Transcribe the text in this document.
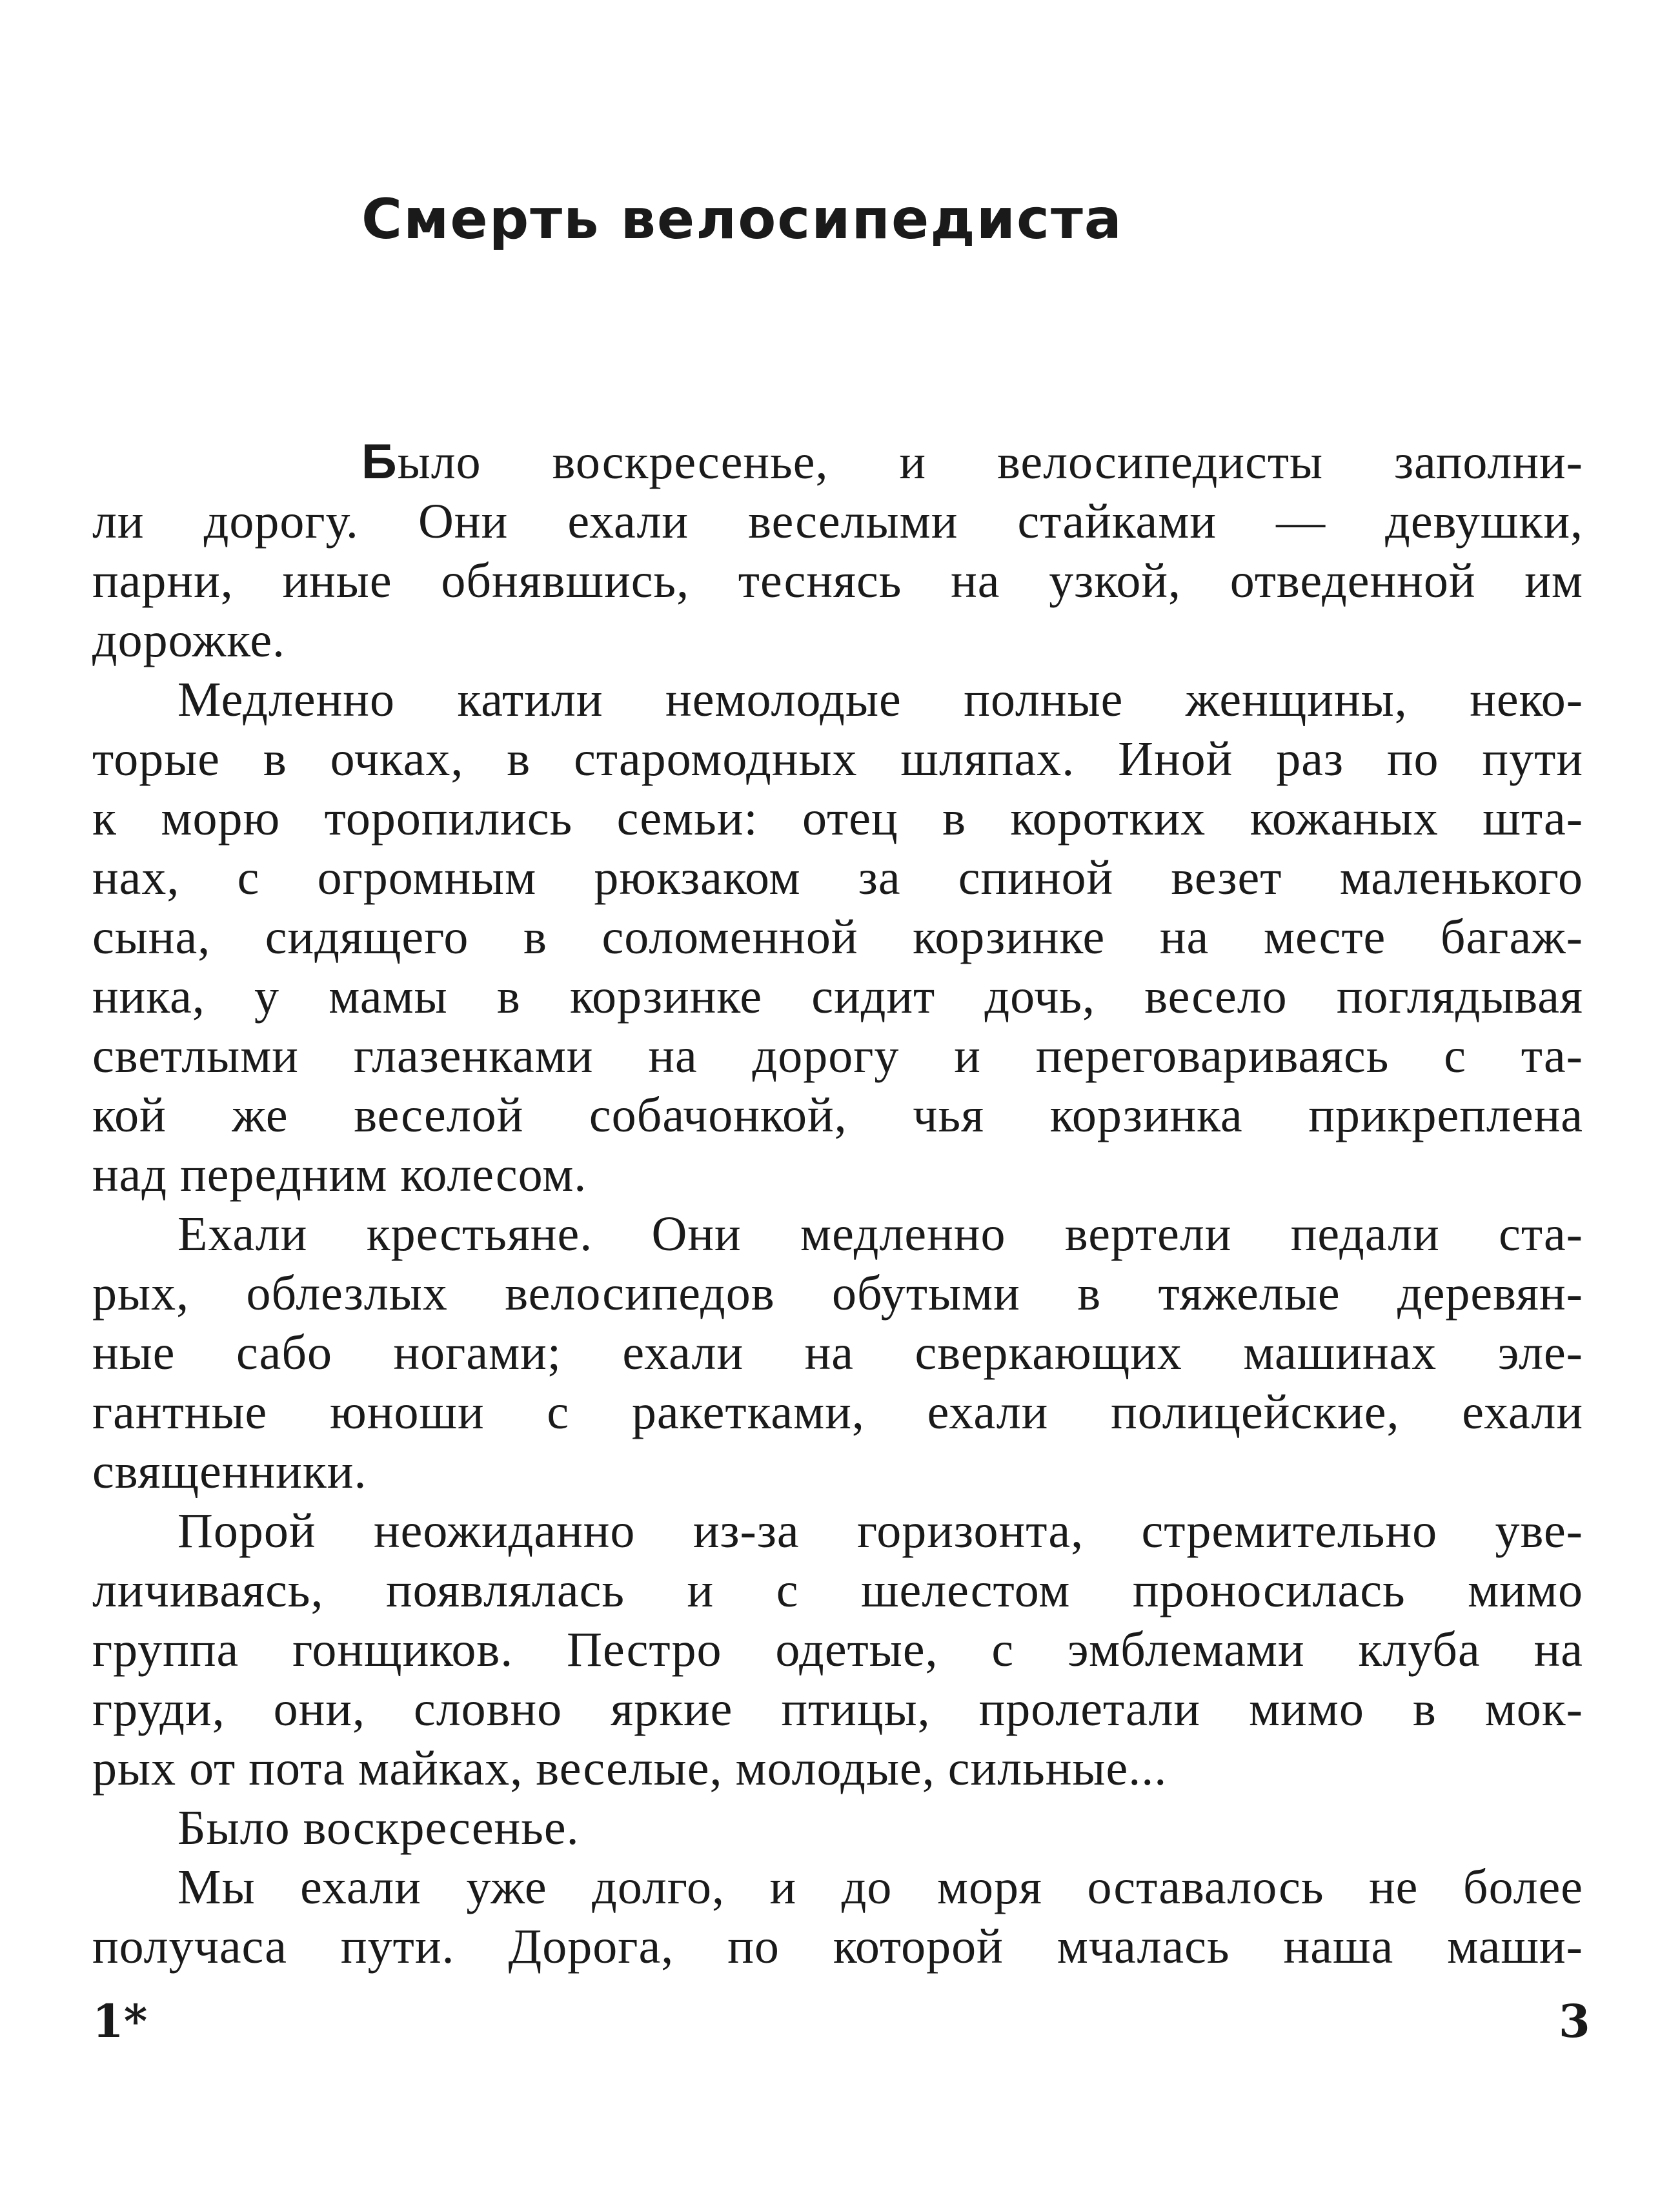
Смерть велосипедиста

Было воскресенье, и велосипедисты заполни-

ли дорогу. Они ехали веселыми стайками — девушки,

парни, иные обнявшись, теснясь на узкой, отведенной им

дорожке.

Медленно катили немолодые полные женщины, неко-

торые в очках, в старомодных шляпах. Иной раз по пути

к морю торопились семьи: отец в коротких кожаных шта-

нах, с огромным рюкзаком за спиной везет маленького

сына, сидящего в соломенной корзинке на месте багаж-

ника, у мамы в корзинке сидит дочь, весело поглядывая

светлыми глазенками на дорогу и переговариваясь с та-

кой же веселой собачонкой, чья корзинка прикреплена

над передним колесом.

Ехали крестьяне. Они медленно вертели педали ста-

рых, облезлых велосипедов обутыми в тяжелые деревян-

ные сабо ногами; ехали на сверкающих машинах эле-

гантные юноши с ракетками, ехали полицейские, ехали

священники.

Порой неожиданно из-за горизонта, стремительно уве-

личиваясь, появлялась и с шелестом проносилась мимо

группа гонщиков. Пестро одетые, с эмблемами клуба на

груди, они, словно яркие птицы, пролетали мимо в мок-

рых от пота майках, веселые, молодые, сильные...

Было воскресенье.

Мы ехали уже долго, и до моря оставалось не более

получаса пути. Дорога, по которой мчалась наша маши-

1*	3
